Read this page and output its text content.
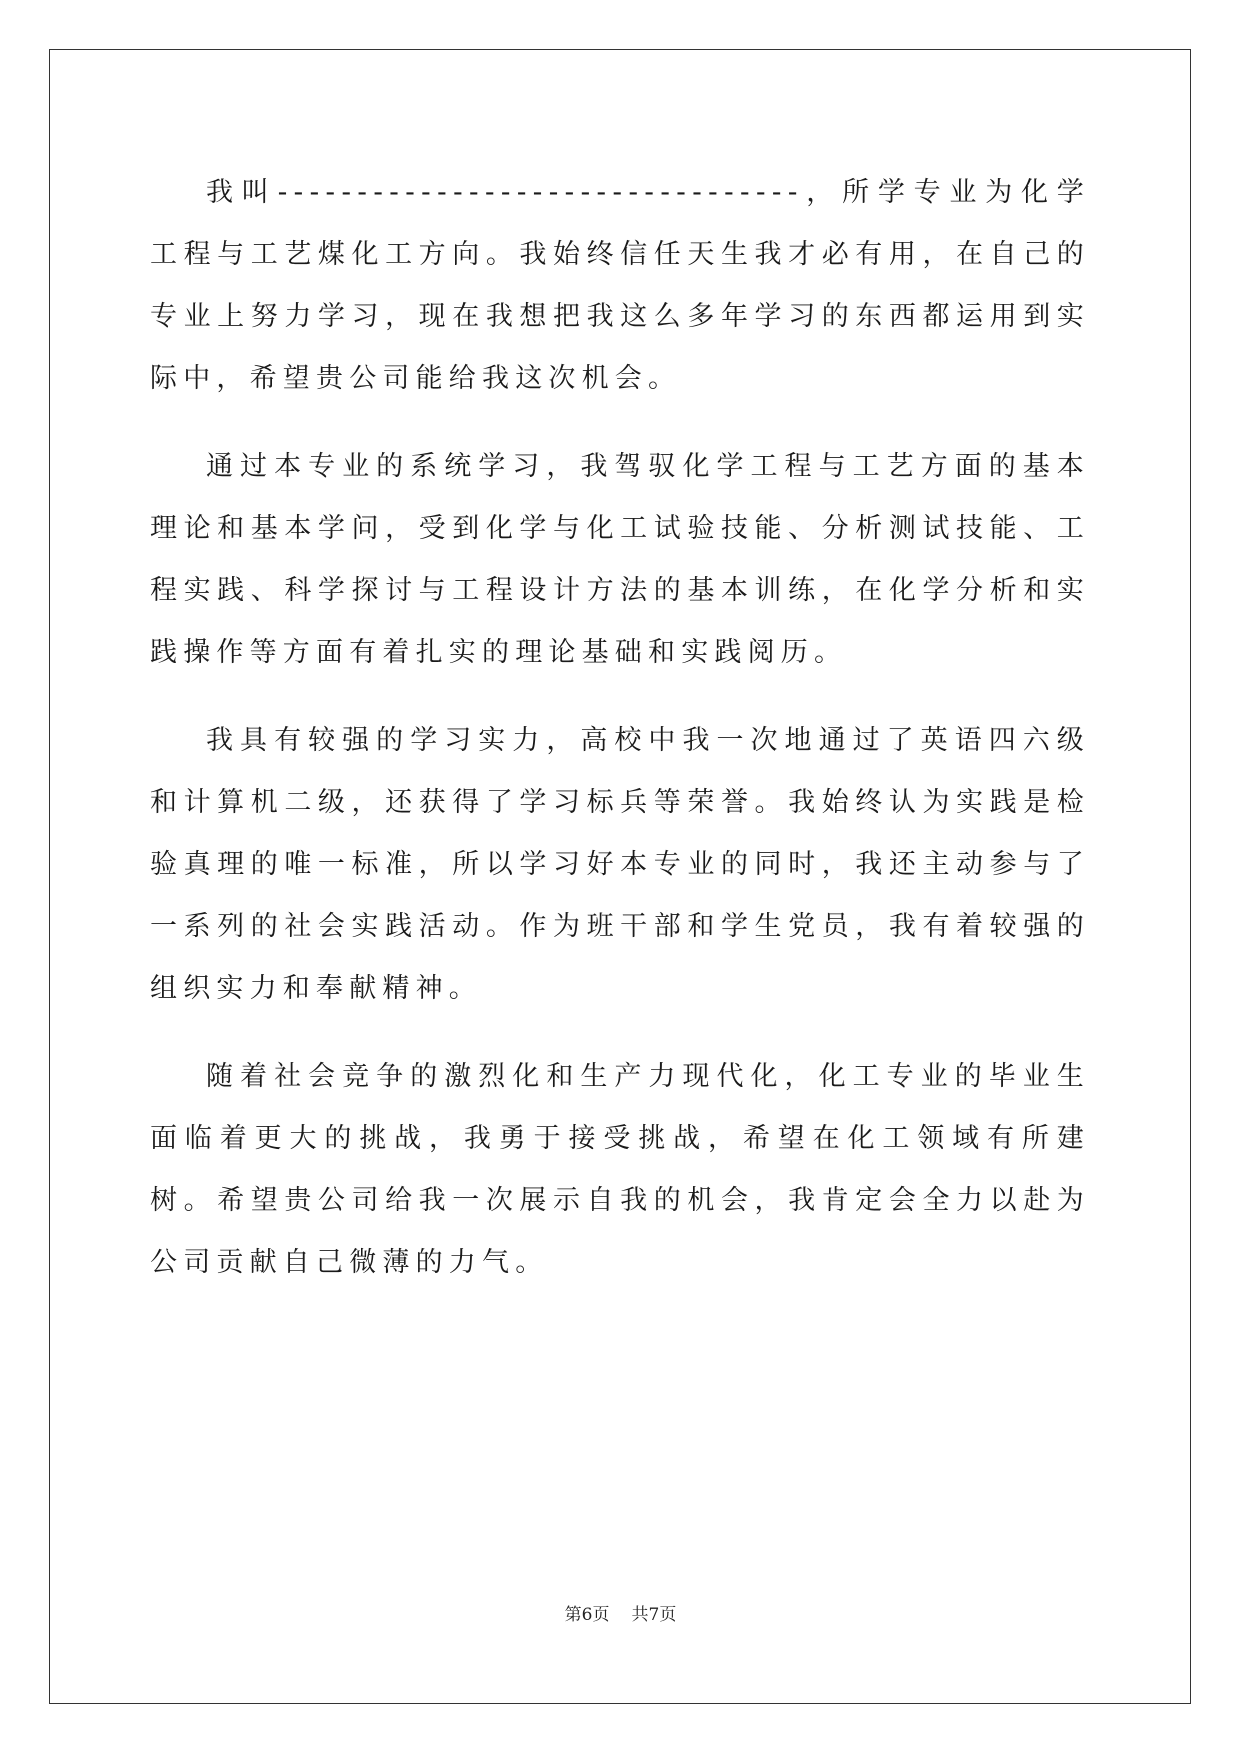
我叫---------------------------------，所学专业为化学工程与工艺煤化工方向。我始终信任天生我才必有用，在自己的专业上努力学习，现在我想把我这么多年学习的东西都运用到实际中，希望贵公司能给我这次机会。

通过本专业的系统学习，我驾驭化学工程与工艺方面的基本理论和基本学问，受到化学与化工试验技能、分析测试技能、工程实践、科学探讨与工程设计方法的基本训练，在化学分析和实践操作等方面有着扎实的理论基础和实践阅历。

我具有较强的学习实力，高校中我一次地通过了英语四六级和计算机二级，还获得了学习标兵等荣誉。我始终认为实践是检验真理的唯一标准，所以学习好本专业的同时，我还主动参与了一系列的社会实践活动。作为班干部和学生党员，我有着较强的组织实力和奉献精神。

随着社会竞争的激烈化和生产力现代化，化工专业的毕业生面临着更大的挑战，我勇于接受挑战，希望在化工领域有所建树。希望贵公司给我一次展示自我的机会，我肯定会全力以赴为公司贡献自己微薄的力气。

第6页 共7页
